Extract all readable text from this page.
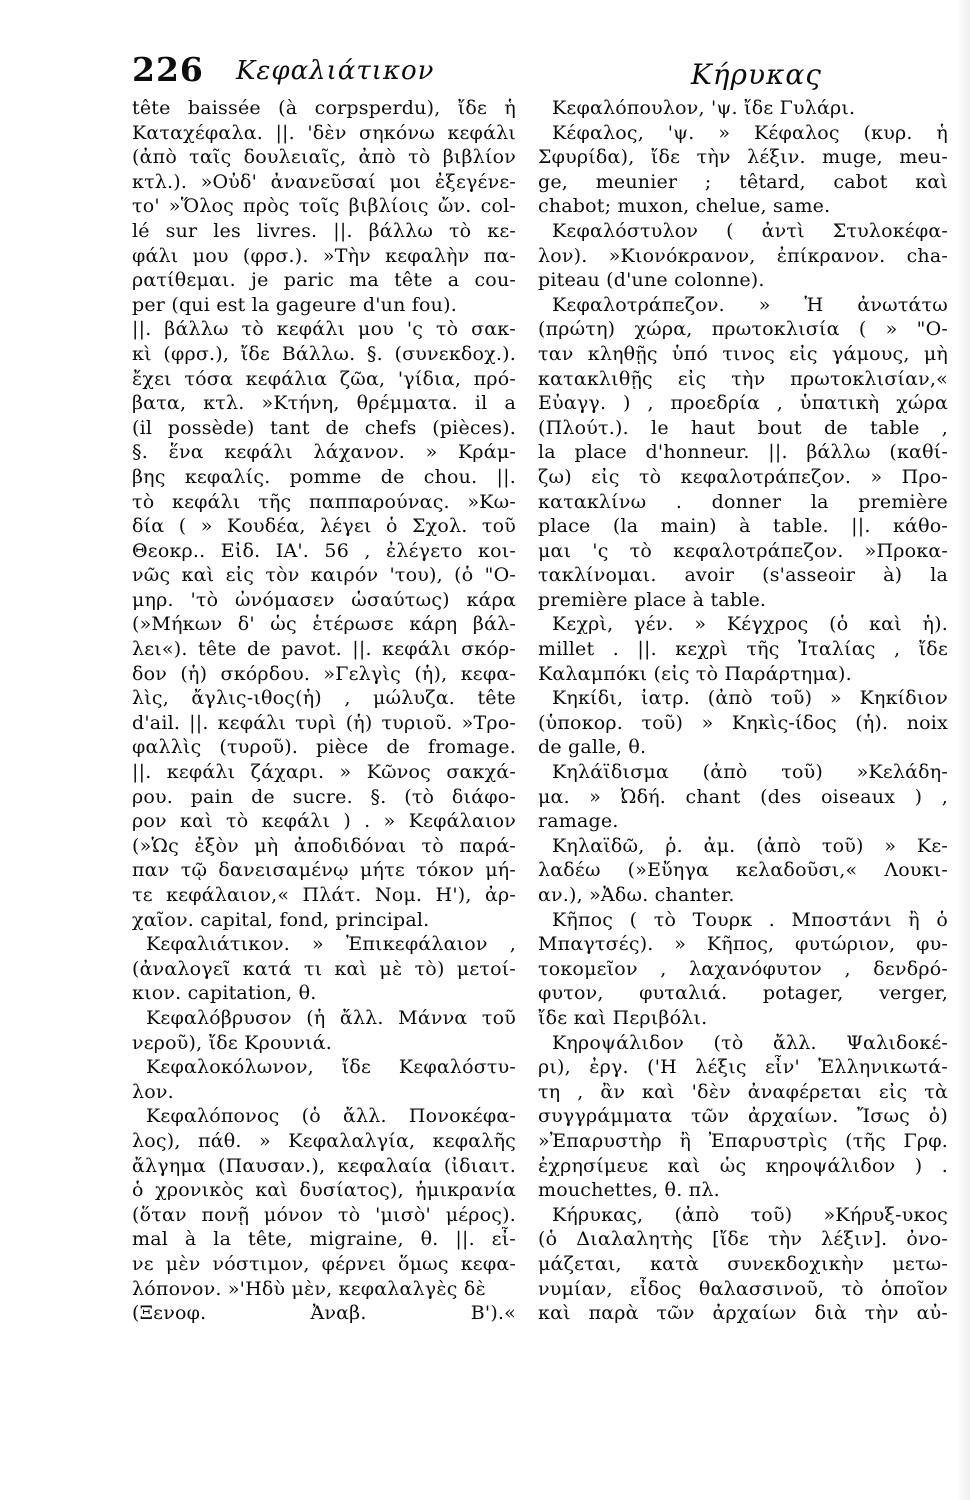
226 Κεφαλιάτικον	Κήρυκας
tête baissée (à corpsperdu), ἴδε ἡ
Καταχέφαλα. ||. 'δὲν σηκόνω κεφάλι
(ἀπὸ ταῖς δουλειαῖς, ἀπὸ τὸ βιβλίον
κτλ.). »Οὐδ' ἀνανεῦσαί μοι ἐξεγένε-
το' »Ὅλος πρὸς τοῖς βιβλίοις ὤν. col-
lé sur les livres. ||. βάλλω τὸ κε-
φάλι μου (φρσ.). »Τὴν κεφαλὴν πα-
ρατίθεμαι. je paric ma tête a cou-
per (qui est la gageure d'un fou).
||. βάλλω τὸ κεφάλι μου 'ς τὸ σακ-
κὶ (φρσ.), ἴδε Βάλλω. §. (συνεκδοχ.).
ἔχει τόσα κεφάλια ζῶα, 'γίδια, πρό-
βατα, κτλ. »Κτήνη, θρέμματα. il a
(il possède) tant de chefs (pièces).
§. ἕνα κεφάλι λάχανον. » Κράμ-
βης κεφαλίς. pomme de chou. ||.
τὸ κεφάλι τῆς παππαρούνας. »Κω-
δία ( » Κουδέα, λέγει ὁ Σχολ. τοῦ
Θεοκρ.. Εἰδ. ΙΑ'. 56 , ἐλέγετο κοι-
νῶς καὶ εἰς τὸν καιρόν 'του), (ὁ "Ο-
μηρ. 'τὸ ὠνόμασεν ὡσαύτως) κάρα
(»Μήκων δ' ὡς ἑτέρωσε κάρη βάλ-
λει«). tête de pavot. ||. κεφάλι σκόρ-
δον (ἡ) σκόρδου. »Γελγὶς (ἡ), κεφα-
λὶς, ἄγλις-ιθος(ἡ) , μώλυζα. tête
d'ail. ||. κεφάλι τυρὶ (ἡ) τυριοῦ. »Τρο-
φαλλὶς (τυροῦ). pièce de fromage.
||. κεφάλι ζάχαρι. » Κῶνος σακχά-
ρου. pain de sucre. §. (τὸ διάφο-
ρον καὶ τὸ κεφάλι ) . » Κεφάλαιον
(»Ὡς ἐξὸν μὴ ἀποδιδόναι τὸ παρά-
παν τῷ δανεισαμένῳ μήτε τόκον μή-
τε κεφάλαιον,« Πλάτ. Νομ. Η'), ἀρ-
χαῖον. capital, fond, principal.
Κεφαλιάτικον. » Ἐπικεφάλαιον ,
(ἀναλογεῖ κατά τι καὶ μὲ τὸ) μετοί-
κιον. capitation, θ.
Κεφαλόβρυσον (ἡ ἄλλ. Μάννα τοῦ
νεροῦ), ἴδε Κρουνιά.
Κεφαλοκόλωνον, ἴδε Κεφαλόστυ-
λον.
Κεφαλόπονος (ὁ ἄλλ. Πονοκέφα-
λος), πάθ. » Κεφαλαλγία, κεφαλῆς
ἄλγημα (Παυσαν.), κεφαλαία (ἰδιαιτ.
ὁ χρονικὸς καὶ δυσίατος), ἡμικρανία
(ὅταν πονῇ μόνον τὸ 'μισὸ' μέρος).
mal à la tête, migraine, θ. ||. εἶ-
νε μὲν νόστιμον, φέρνει ὅμως κεφα-
λόπονον. »'Ηδὺ μὲν, κεφαλαλγὲς δὲ
(Ξενοφ. Ἀναβ. Β').«
Κεφαλόπουλον, 'ψ. ἴδε Γυλάρι.
Κέφαλος, 'ψ. » Κέφαλος (κυρ. ἡ
Σφυρίδα), ἴδε τὴν λέξιν. muge, meu-
ge, meunier ; têtard, cabot καὶ
chabot; muxon, chelue, same.
Κεφαλόστυλον ( ἀντὶ Στυλοκέφα-
λον). »Κιονόκρανον, ἐπίκρανον. cha-
piteau (d'une colonne).
Κεφαλοτράπεζον. » Ἡ ἀνωτάτω
(πρώτη) χώρα, πρωτοκλισία ( » "Ο-
ταν κληθῇς ὑπό τινος εἰς γάμους, μὴ
κατακλιθῇς εἰς τὴν πρωτοκλισίαν,«
Εὐαγγ. ) , προεδρία , ὑπατικὴ χώρα
(Πλούτ.). le haut bout de table ,
la place d'honneur. ||. βάλλω (καθί-
ζω) εἰς τὸ κεφαλοτράπεζον. » Προ-
κατακλίνω . donner la première
place (la main) à table. ||. κάθο-
μαι 'ς τὸ κεφαλοτράπεζον. »Προκα-
τακλίνομαι. avoir (s'asseoir à) la
première place à table.
Κεχρὶ, γέν. » Κέγχρος (ὁ καὶ ἡ).
millet . ||. κεχρὶ τῆς Ἰταλίας , ἴδε
Καλαμπόκι (εἰς τὸ Παράρτημα).
Κηκίδι, ἰατρ. (ἀπὸ τοῦ) » Κηκίδιον
(ὑποκορ. τοῦ) » Κηκὶς-ίδος (ἡ). noix
de galle, θ.
Κηλάϊδισμα (ἀπὸ τοῦ) »Κελάδη-
μα. » Ὠδή. chant (des oiseaux ) ,
ramage.
Κηλαϊδῶ, ῥ. ἀμ. (ἀπὸ τοῦ) » Κε-
λαδέω (»Εὔηγα κελαδοῦσι,« Λουκι-
αν.), »Ἀδω. chanter.
Κῆπος ( τὸ Τουρκ . Μποστάνι ἢ ὁ
Μπαγτσές). » Κῆπος, φυτώριον, φυ-
τοκομεῖον , λαχανόφυτον , δενδρό-
φυτον, φυταλιά. potager, verger,
ἴδε καὶ Περιβόλι.
Κηροψάλιδον (τὸ ἄλλ. Ψαλιδοκέ-
ρι), ἐργ. ('Η λέξις εἶν' Ἑλληνικωτά-
τη , ἂν καὶ 'δὲν ἀναφέρεται εἰς τὰ
συγγράμματα τῶν ἀρχαίων. Ἴσως ὁ)
»Ἐπαρυστὴρ ἢ Ἐπαρυστρὶς (τῆς Γρφ.
ἐχρησίμευε καὶ ὡς κηροψάλιδον ) .
mouchettes, θ. πλ.
Κήρυκας, (ἀπὸ τοῦ) »Κήρυξ-υκος
(ὁ Διαλαλητὴς [ἴδε τὴν λέξιν]. ὀνο-
μάζεται, κατὰ συνεκδοχικὴν μετω-
νυμίαν, εἶδος θαλασσινοῦ, τὸ ὁποῖον
καὶ παρὰ τῶν ἀρχαίων διὰ τὴν αὐ-
